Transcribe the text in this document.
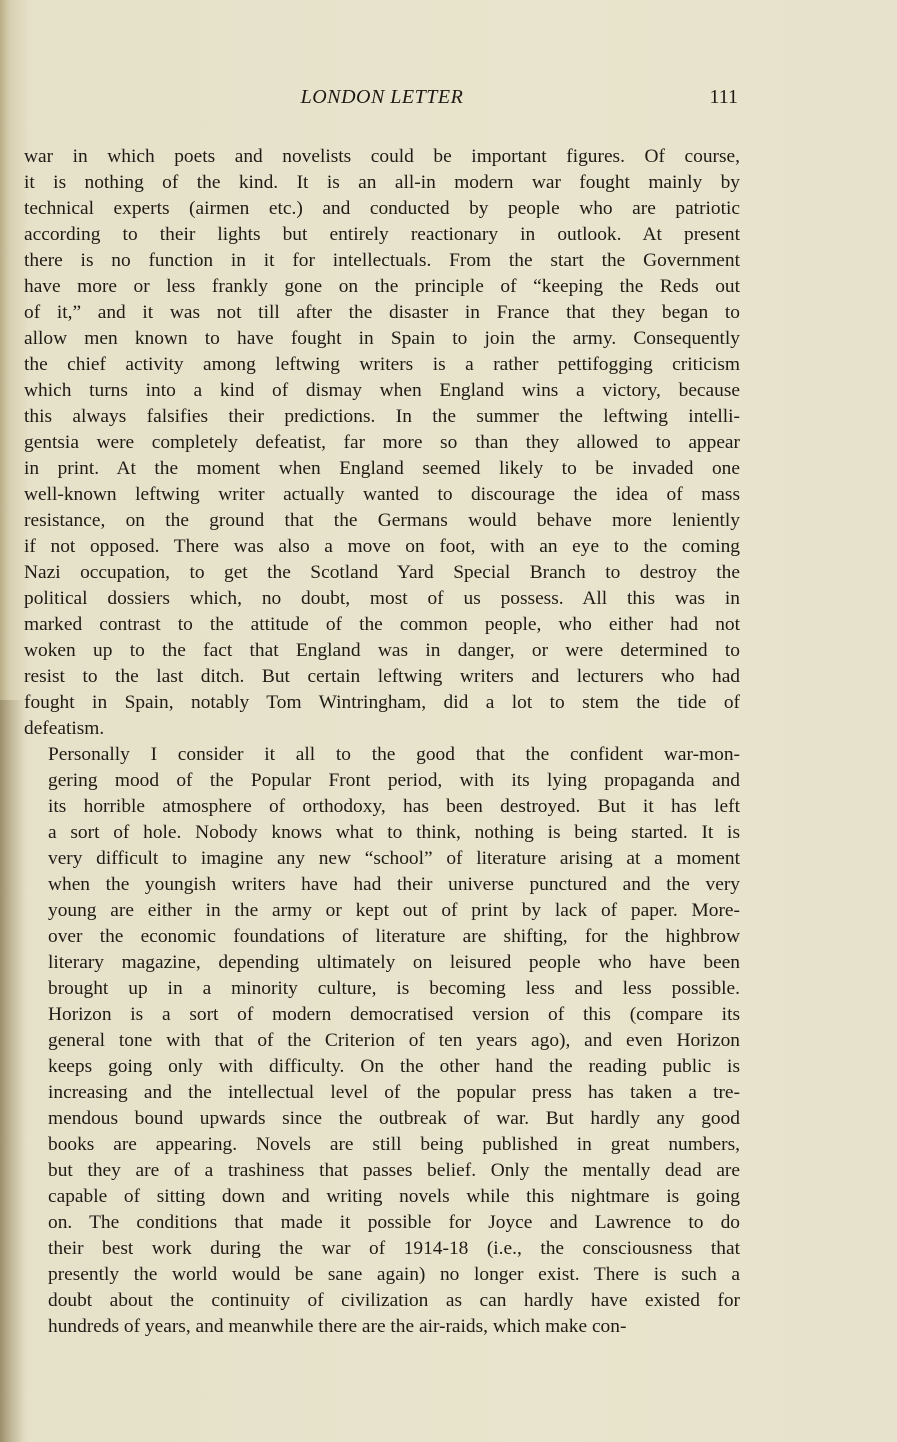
LONDON LETTER	111

war in which poets and novelists could be important figures. Of course,
it is nothing of the kind. It is an all-in modern war fought mainly by
technical experts (airmen etc.) and conducted by people who are patriotic
according to their lights but entirely reactionary in outlook. At present
there is no function in it for intellectuals. From the start the Government
have more or less frankly gone on the principle of “keeping the Reds out
of it,” and it was not till after the disaster in France that they began to
allow men known to have fought in Spain to join the army. Consequently
the chief activity among leftwing writers is a rather pettifogging criticism
which turns into a kind of dismay when England wins a victory, because
this always falsifies their predictions. In the summer the leftwing intelli-
gentsia were completely defeatist, far more so than they allowed to appear
in print. At the moment when England seemed likely to be invaded one
well-known leftwing writer actually wanted to discourage the idea of mass
resistance, on the ground that the Germans would behave more leniently
if not opposed. There was also a move on foot, with an eye to the coming
Nazi occupation, to get the Scotland Yard Special Branch to destroy the
political dossiers which, no doubt, most of us possess. All this was in
marked contrast to the attitude of the common people, who either had not
woken up to the fact that England was in danger, or were determined to
resist to the last ditch. But certain leftwing writers and lecturers who had
fought in Spain, notably Tom Wintringham, did a lot to stem the tide of
defeatism.

Personally I consider it all to the good that the confident war-mon-
gering mood of the Popular Front period, with its lying propaganda and
its horrible atmosphere of orthodoxy, has been destroyed. But it has left
a sort of hole. Nobody knows what to think, nothing is being started. It is
very difficult to imagine any new “school” of literature arising at a moment
when the youngish writers have had their universe punctured and the very
young are either in the army or kept out of print by lack of paper. More-
over the economic foundations of literature are shifting, for the highbrow
literary magazine, depending ultimately on leisured people who have been
brought up in a minority culture, is becoming less and less possible.
Horizon is a sort of modern democratised version of this (compare its
general tone with that of the Criterion of ten years ago), and even Horizon
keeps going only with difficulty. On the other hand the reading public is
increasing and the intellectual level of the popular press has taken a tre-
mendous bound upwards since the outbreak of war. But hardly any good
books are appearing. Novels are still being published in great numbers,
but they are of a trashiness that passes belief. Only the mentally dead are
capable of sitting down and writing novels while this nightmare is going
on. The conditions that made it possible for Joyce and Lawrence to do
their best work during the war of 1914-18 (i.e., the consciousness that
presently the world would be sane again) no longer exist. There is such a
doubt about the continuity of civilization as can hardly have existed for
hundreds of years, and meanwhile there are the air-raids, which make con-
